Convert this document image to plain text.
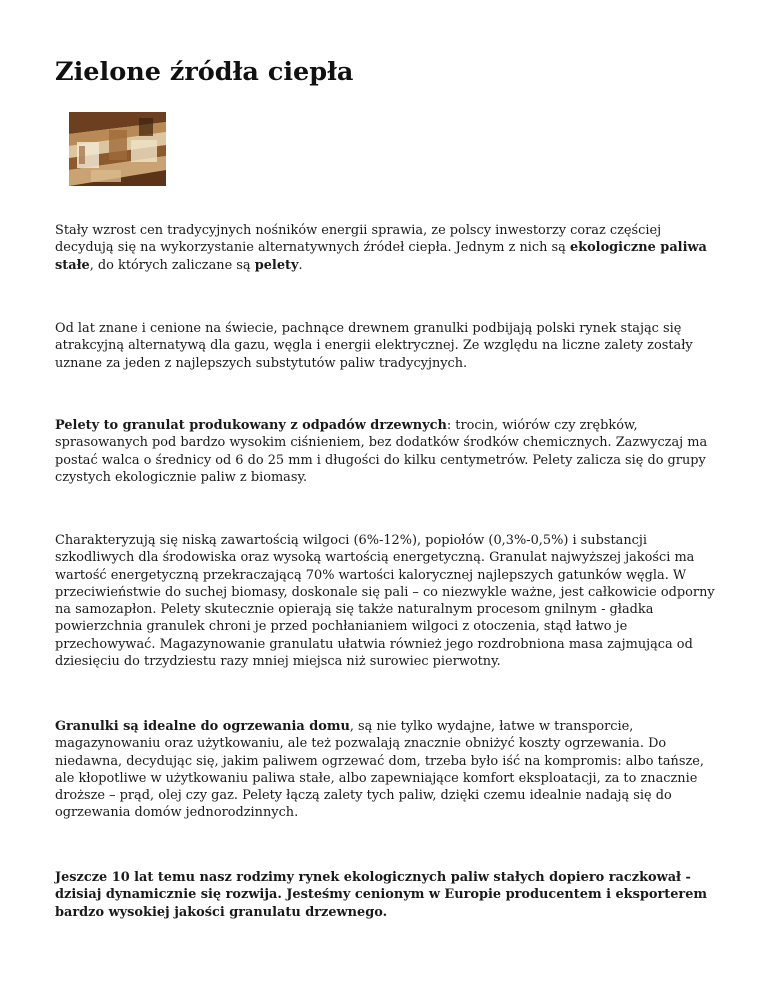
Zielone źródła ciepła

Stały wzrost cen tradycyjnych nośników energii sprawia, ze polscy inwestorzy coraz częściej decydują się na wykorzystanie alternatywnych źródeł ciepła. Jednym z nich są ekologiczne paliwa stałe, do których zaliczane są pelety.

Od lat znane i cenione na świecie, pachnące drewnem granulki podbijają polski rynek stając się atrakcyjną alternatywą dla gazu, węgla i energii elektrycznej. Ze względu na liczne zalety zostały uznane za jeden z najlepszych substytutów paliw tradycyjnych.

Pelety to granulat produkowany z odpadów drzewnych: trocin, wiórów czy zrębków, sprasowanych pod bardzo wysokim ciśnieniem, bez dodatków środków chemicznych. Zazwyczaj ma postać walca o średnicy od 6 do 25 mm i długości do kilku centymetrów. Pelety zalicza się do grupy czystych ekologicznie paliw z biomasy.

Charakteryzują się niską zawartością wilgoci (6%-12%), popiołów (0,3%-0,5%) i substancji szkodliwych dla środowiska oraz wysoką wartością energetyczną. Granulat najwyższej jakości ma wartość energetyczną przekraczającą 70% wartości kalorycznej najlepszych gatunków węgla. W przeciwieństwie do suchej biomasy, doskonale się pali – co niezwykle ważne, jest całkowicie odporny na samozapłon. Pelety skutecznie opierają się także naturalnym procesom gnilnym - gładka powierzchnia granulek chroni je przed pochłanianiem wilgoci z otoczenia, stąd łatwo je przechowywać. Magazynowanie granulatu ułatwia również jego rozdrobniona masa zajmująca od dziesięciu do trzydziestu razy mniej miejsca niż surowiec pierwotny.

Granulki są idealne do ogrzewania domu, są nie tylko wydajne, łatwe w transporcie, magazynowaniu oraz użytkowaniu, ale też pozwalają znacznie obniżyć koszty ogrzewania. Do niedawna, decydując się, jakim paliwem ogrzewać dom, trzeba było iść na kompromis: albo tańsze, ale kłopotliwe w użytkowaniu paliwa stałe, albo zapewniające komfort eksploatacji, za to znacznie droższe – prąd, olej czy gaz. Pelety łączą zalety tych paliw, dzięki czemu idealnie nadają się do ogrzewania domów jednorodzinnych.

Jeszcze 10 lat temu nasz rodzimy rynek ekologicznych paliw stałych dopiero raczkował - dzisiaj dynamicznie się rozwija. Jesteśmy cenionym w Europie producentem i eksporterem bardzo wysokiej jakości granulatu drzewnego.
